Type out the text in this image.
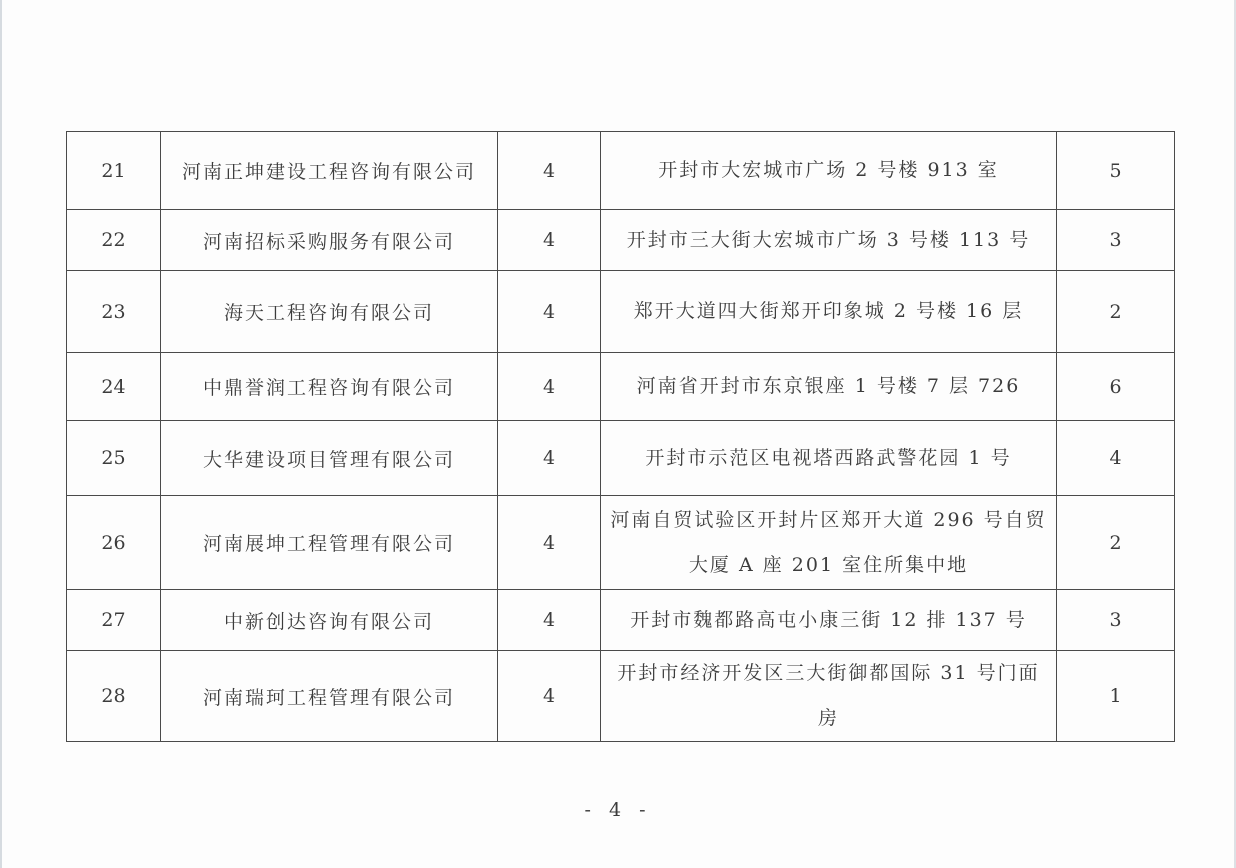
21	河南正坤建设工程咨询有限公司	4	开封市大宏城市广场 2 号楼 913 室	5
22	河南招标采购服务有限公司	4	开封市三大街大宏城市广场 3 号楼 113 号	3
23	海天工程咨询有限公司	4	郑开大道四大街郑开印象城 2 号楼 16 层	2
24	中鼎誉润工程咨询有限公司	4	河南省开封市东京银座 1 号楼 7 层 726	6
25	大华建设项目管理有限公司	4	开封市示范区电视塔西路武警花园 1 号	4
26	河南展坤工程管理有限公司	4	河南自贸试验区开封片区郑开大道 296 号自贸大厦 A 座 201 室住所集中地	2
27	中新创达咨询有限公司	4	开封市魏都路高屯小康三街 12 排 137 号	3
28	河南瑞珂工程管理有限公司	4	开封市经济开发区三大街御都国际 31 号门面房	1
- 4 -
